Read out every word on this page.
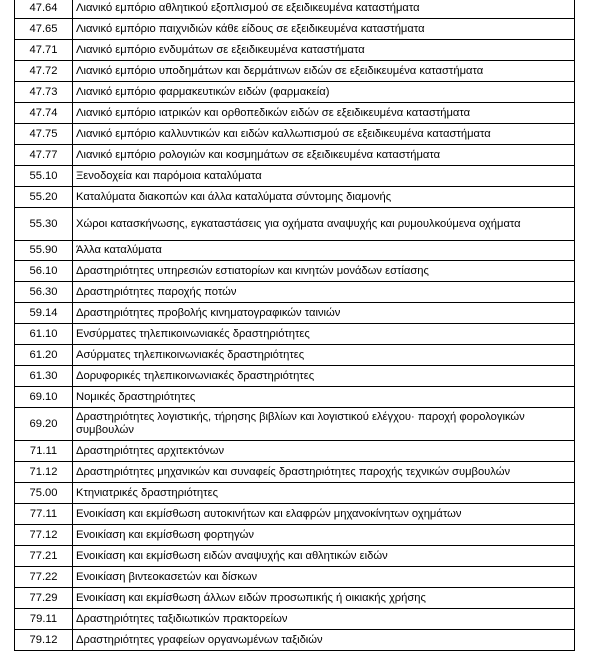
47.64	Λιανικό εμπόριο αθλητικού εξοπλισμού σε εξειδικευμένα καταστήματα
47.65	Λιανικό εμπόριο παιχνιδιών κάθε είδους σε εξειδικευμένα καταστήματα
47.71	Λιανικό εμπόριο ενδυμάτων σε εξειδικευμένα καταστήματα
47.72	Λιανικό εμπόριο υποδημάτων και δερμάτινων ειδών σε εξειδικευμένα καταστήματα
47.73	Λιανικό εμπόριο φαρμακευτικών ειδών (φαρμακεία)
47.74	Λιανικό εμπόριο ιατρικών και ορθοπεδικών ειδών σε εξειδικευμένα καταστήματα
47.75	Λιανικό εμπόριο καλλυντικών και ειδών καλλωπισμού σε εξειδικευμένα καταστήματα
47.77	Λιανικό εμπόριο ρολογιών και κοσμημάτων σε εξειδικευμένα καταστήματα
55.10	Ξενοδοχεία και παρόμοια καταλύματα
55.20	Καταλύματα διακοπών και άλλα καταλύματα σύντομης διαμονής
55.30	Χώροι κατασκήνωσης, εγκαταστάσεις για οχήματα αναψυχής και ρυμουλκούμενα οχήματα
55.90	Άλλα καταλύματα
56.10	Δραστηριότητες υπηρεσιών εστιατορίων και κινητών μονάδων εστίασης
56.30	Δραστηριότητες παροχής ποτών
59.14	Δραστηριότητες προβολής κινηματογραφικών ταινιών
61.10	Ενσύρματες τηλεπικοινωνιακές δραστηριότητες
61.20	Ασύρματες τηλεπικοινωνιακές δραστηριότητες
61.30	Δορυφορικές τηλεπικοινωνιακές δραστηριότητες
69.10	Νομικές δραστηριότητες
69.20	Δραστηριότητες λογιστικής, τήρησης βιβλίων και λογιστικού ελέγχου· παροχή φορολογικών συμβουλών
71.11	Δραστηριότητες αρχιτεκτόνων
71.12	Δραστηριότητες μηχανικών και συναφείς δραστηριότητες παροχής τεχνικών συμβουλών
75.00	Κτηνιατρικές δραστηριότητες
77.11	Ενοικίαση και εκμίσθωση αυτοκινήτων και ελαφρών μηχανοκίνητων οχημάτων
77.12	Ενοικίαση και εκμίσθωση φορτηγών
77.21	Ενοικίαση και εκμίσθωση ειδών αναψυχής και αθλητικών ειδών
77.22	Ενοικίαση βιντεοκασετών και δίσκων
77.29	Ενοικίαση και εκμίσθωση άλλων ειδών προσωπικής ή οικιακής χρήσης
79.11	Δραστηριότητες ταξιδιωτικών πρακτορείων
79.12	Δραστηριότητες γραφείων οργανωμένων ταξιδιών
